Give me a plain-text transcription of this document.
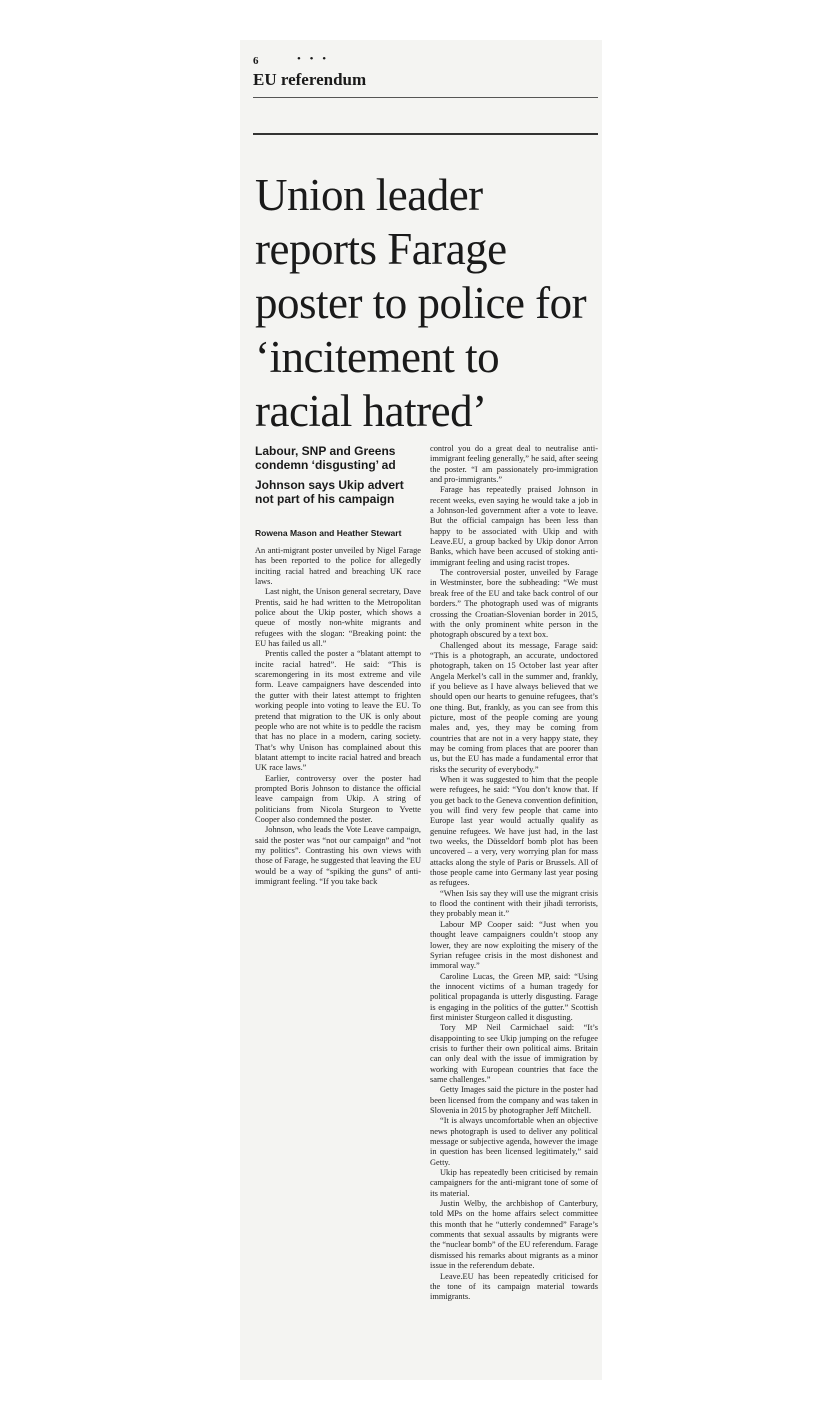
6	• • •
EU referendum
Union leader reports Farage poster to police for ‘incitement to racial hatred’

Labour, SNP and Greens condemn ‘disgusting’ ad

Johnson says Ukip advert not part of his campaign

Rowena Mason and Heather Stewart

An anti-migrant poster unveiled by Nigel Farage has been reported to the police for allegedly inciting racial hatred and breaching UK race laws.

Last night, the Unison general secretary, Dave Prentis, said he had written to the Metropolitan police about the Ukip poster, which shows a queue of mostly non-white migrants and refugees with the slogan: “Breaking point: the EU has failed us all.”

Prentis called the poster a “blatant attempt to incite racial hatred”. He said: “This is scaremongering in its most extreme and vile form. Leave campaigners have descended into the gutter with their latest attempt to frighten working people into voting to leave the EU. To pretend that migration to the UK is only about people who are not white is to peddle the racism that has no place in a modern, caring society. That’s why Unison has complained about this blatant attempt to incite racial hatred and breach UK race laws.”

Earlier, controversy over the poster had prompted Boris Johnson to distance the official leave campaign from Ukip. A string of politicians from Nicola Sturgeon to Yvette Cooper also condemned the poster.

Johnson, who leads the Vote Leave campaign, said the poster was “not our campaign” and “not my politics”. Contrasting his own views with those of Farage, he suggested that leaving the EU would be a way of “spiking the guns” of anti-immigrant feeling. “If you take back

control you do a great deal to neutralise anti-immigrant feeling generally,” he said, after seeing the poster. “I am passionately pro-immigration and pro-immigrants.”

Farage has repeatedly praised Johnson in recent weeks, even saying he would take a job in a Johnson-led government after a vote to leave. But the official campaign has been less than happy to be associated with Ukip and with Leave.EU, a group backed by Ukip donor Arron Banks, which have been accused of stoking anti-immigrant feeling and using racist tropes.

The controversial poster, unveiled by Farage in Westminster, bore the subheading: “We must break free of the EU and take back control of our borders.” The photograph used was of migrants crossing the Croatian-Slovenian border in 2015, with the only prominent white person in the photograph obscured by a text box.

Challenged about its message, Farage said: “This is a photograph, an accurate, undoctored photograph, taken on 15 October last year after Angela Merkel’s call in the summer and, frankly, if you believe as I have always believed that we should open our hearts to genuine refugees, that’s one thing. But, frankly, as you can see from this picture, most of the people coming are young males and, yes, they may be coming from countries that are not in a very happy state, they may be coming from places that are poorer than us, but the EU has made a fundamental error that risks the security of everybody.”

When it was suggested to him that the people were refugees, he said: “You don’t know that. If you get back to the Geneva convention definition, you will find very few people that came into Europe last year would actually qualify as genuine refugees. We have just had, in the last two weeks, the Düsseldorf bomb plot has been uncovered – a very, very worrying plan for mass attacks along the style of Paris or Brussels. All of those people came into Germany last year posing as refugees.

“When Isis say they will use the migrant crisis to flood the continent with their jihadi terrorists, they probably mean it.”

Labour MP Cooper said: “Just when you thought leave campaigners couldn’t stoop any lower, they are now exploiting the misery of the Syrian refugee crisis in the most dishonest and immoral way.”

Caroline Lucas, the Green MP, said: “Using the innocent victims of a human tragedy for political propaganda is utterly disgusting. Farage is engaging in the politics of the gutter.” Scottish first minister Sturgeon called it disgusting.

Tory MP Neil Carmichael said: “It’s disappointing to see Ukip jumping on the refugee crisis to further their own political aims. Britain can only deal with the issue of immigration by working with European countries that face the same challenges.”

Getty Images said the picture in the poster had been licensed from the company and was taken in Slovenia in 2015 by photographer Jeff Mitchell.

“It is always uncomfortable when an objective news photograph is used to deliver any political message or subjective agenda, however the image in question has been licensed legitimately,” said Getty.

Ukip has repeatedly been criticised by remain campaigners for the anti-migrant tone of some of its material.

Justin Welby, the archbishop of Canterbury, told MPs on the home affairs select committee this month that he “utterly condemned” Farage’s comments that sexual assaults by migrants were the “nuclear bomb” of the EU referendum. Farage dismissed his remarks about migrants as a minor issue in the referendum debate.

Leave.EU has been repeatedly criticised for the tone of its campaign material towards immigrants.
